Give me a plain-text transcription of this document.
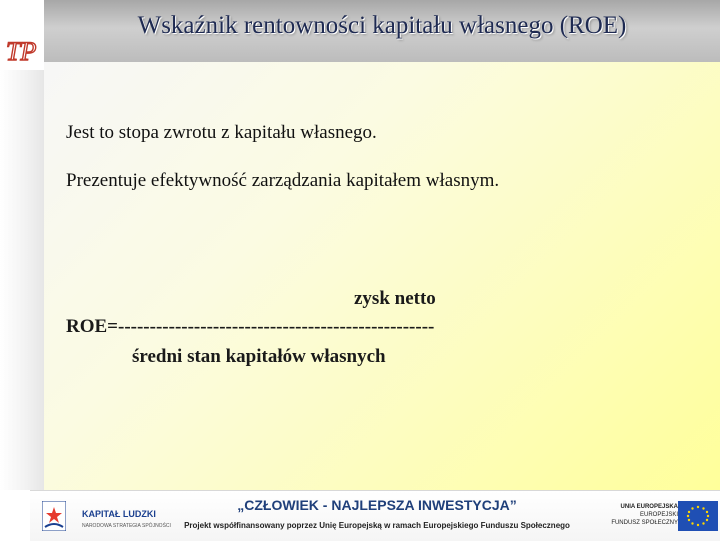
Wskaźnik rentowności kapitału własnego (ROE)
TP
Jest to stopa zwrotu z kapitału własnego.
Prezentuje efektywność zarządzania kapitałem własnym.
zysk netto
ROE=--------------------------------------------------
średni stan kapitałów własnych
KAPITAŁ LUDZKI
NARODOWA STRATEGIA SPÓJNOŚCI
„CZŁOWIEK - NAJLEPSZA INWESTYCJA”
Projekt współfinansowany poprzez Unię Europejską w ramach Europejskiego Funduszu Społecznego
UNIA EUROPEJSKA
EUROPEJSKI
FUNDUSZ SPOŁECZNY
